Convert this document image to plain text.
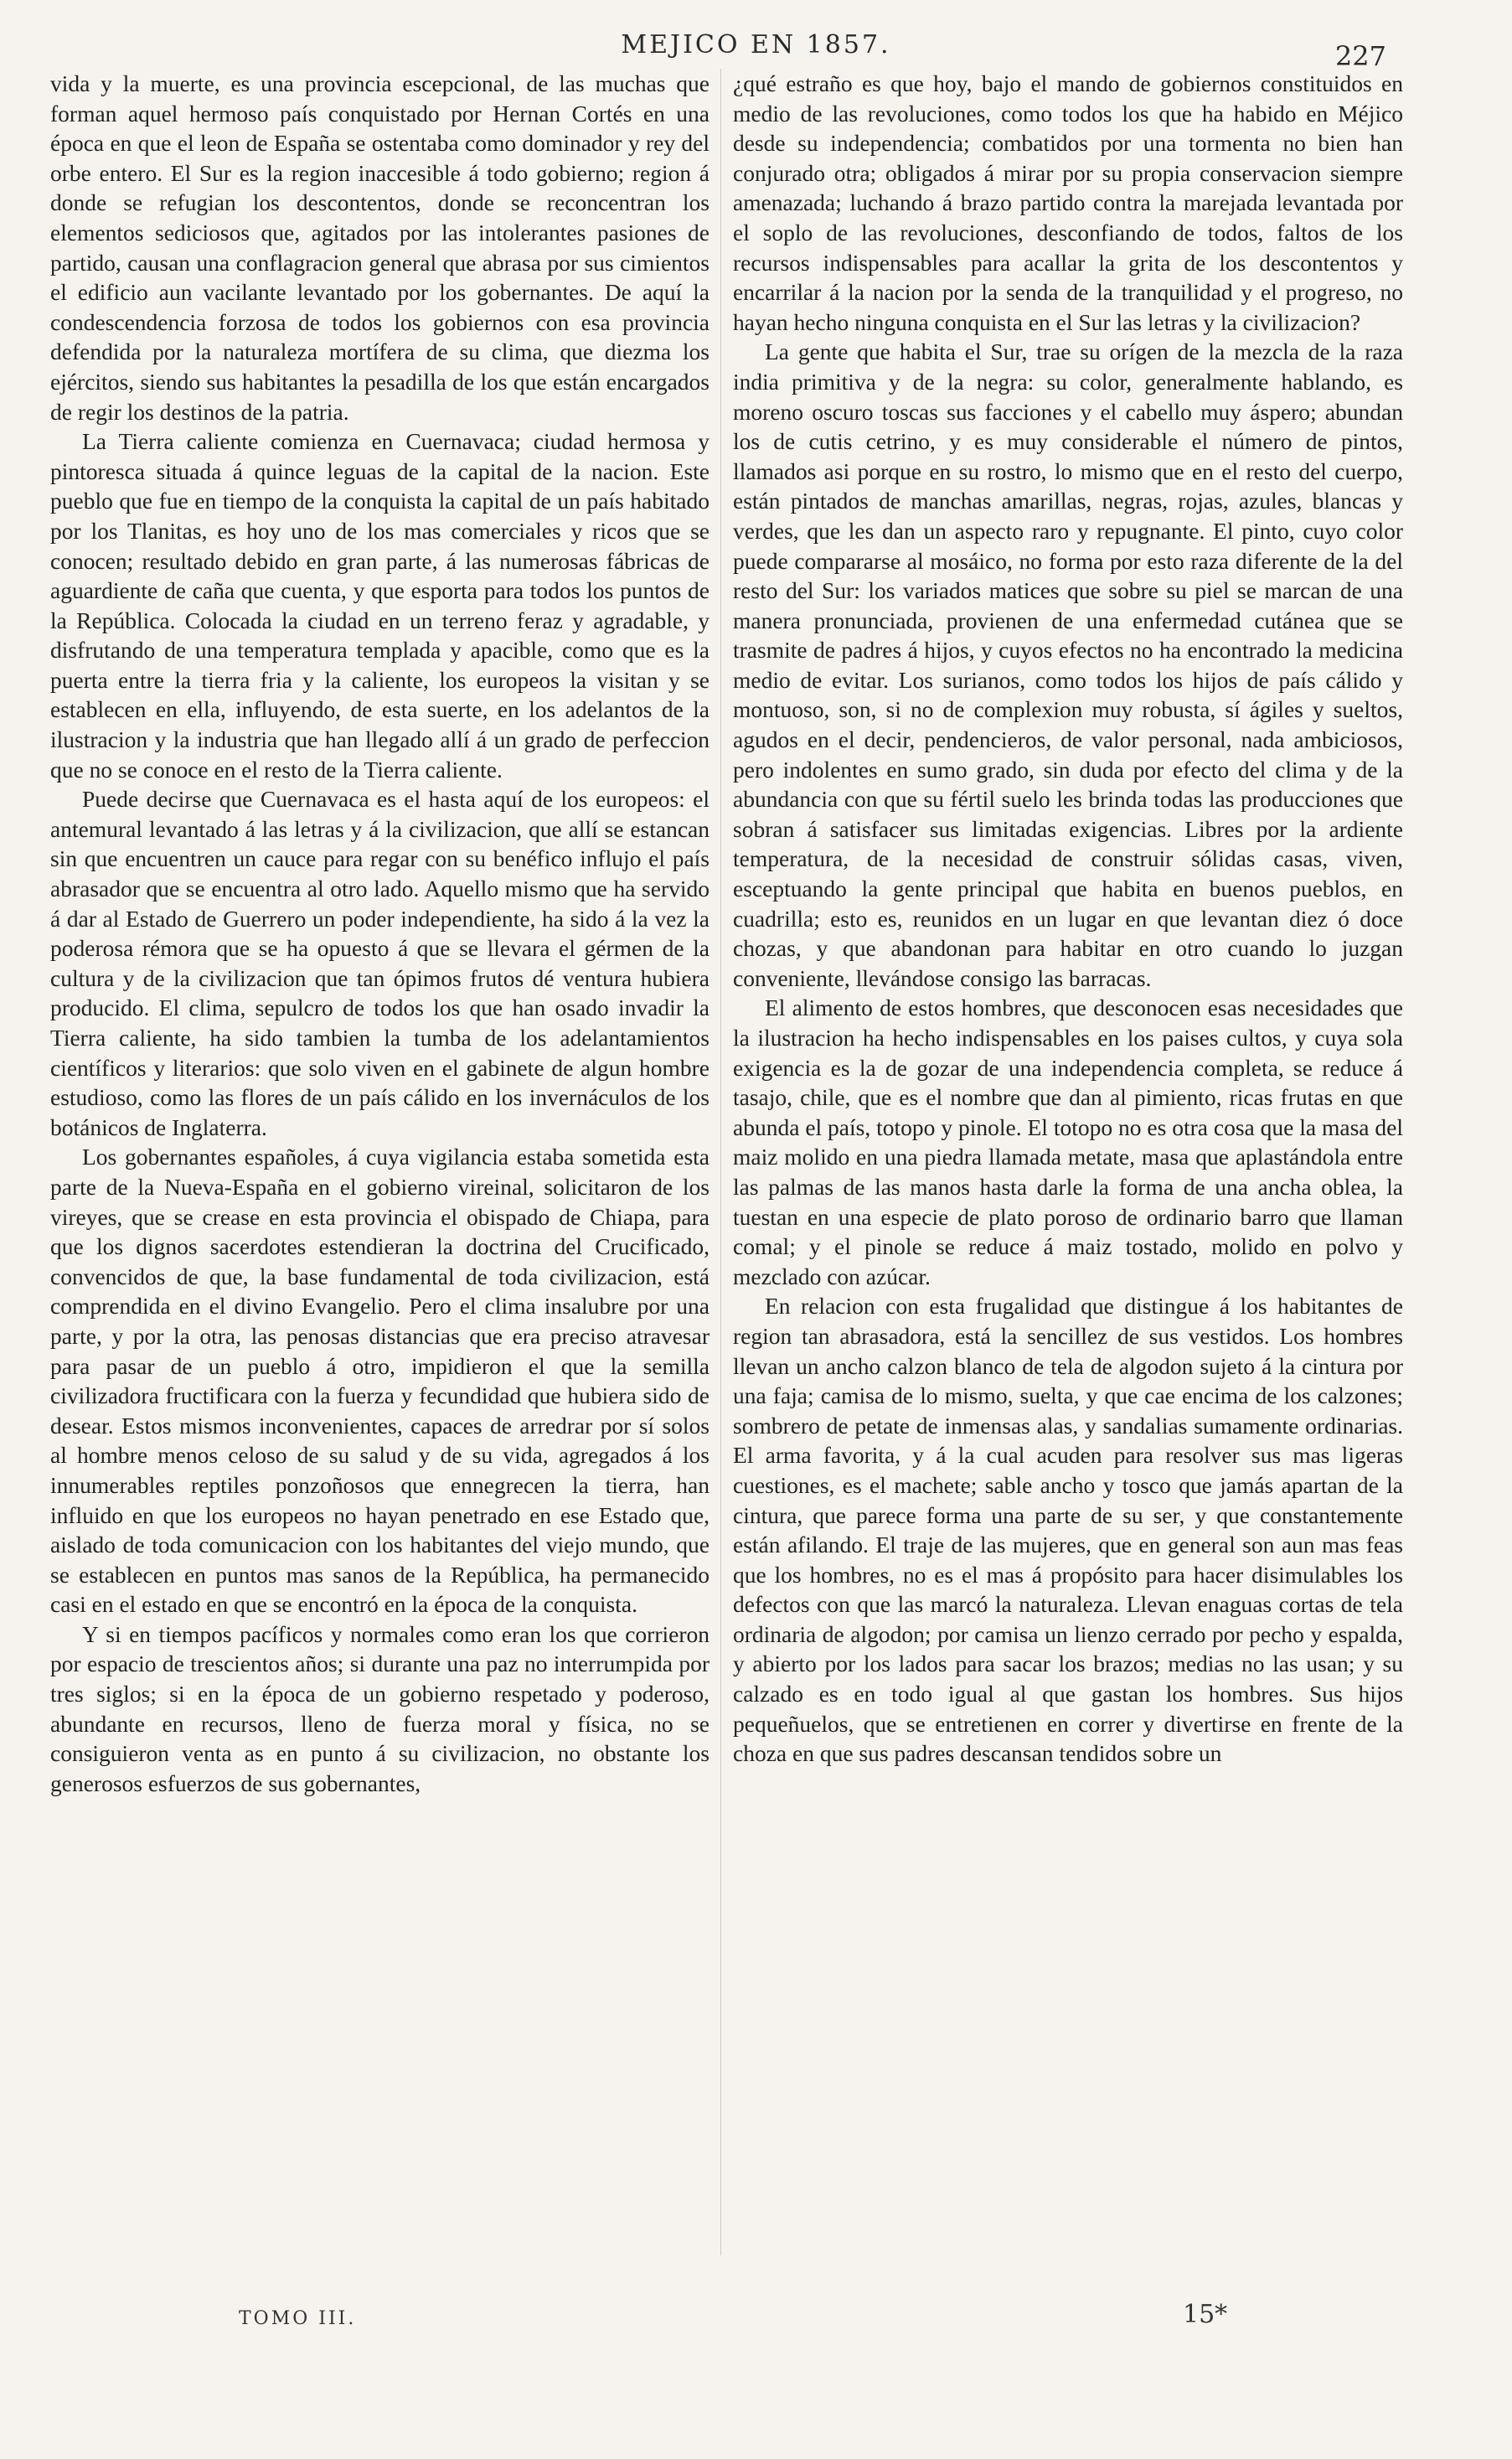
MEJICO EN 1857.	227

vida y la muerte, es una provincia escepcional, de las muchas que forman aquel hermoso país conquistado por Hernan Cortés en una época en que el leon de España se ostentaba como dominador y rey del orbe entero. El Sur es la region inaccesible á todo gobierno; region á donde se refugian los descontentos, donde se reconcentran los elementos sediciosos que, agitados por las intolerantes pasiones de partido, causan una conflagracion general que abrasa por sus cimientos el edificio aun vacilante levantado por los gobernantes. De aquí la condescendencia forzosa de todos los gobiernos con esa provincia defendida por la naturaleza mortífera de su clima, que diezma los ejércitos, siendo sus habitantes la pesadilla de los que están encargados de regir los destinos de la patria.

La Tierra caliente comienza en Cuernavaca; ciudad hermosa y pintoresca situada á quince leguas de la capital de la nacion. Este pueblo que fue en tiempo de la conquista la capital de un país habitado por los Tlanitas, es hoy uno de los mas comerciales y ricos que se conocen; resultado debido en gran parte, á las numerosas fábricas de aguardiente de caña que cuenta, y que esporta para todos los puntos de la República. Colocada la ciudad en un terreno feraz y agradable, y disfrutando de una temperatura templada y apacible, como que es la puerta entre la tierra fria y la caliente, los europeos la visitan y se establecen en ella, influyendo, de esta suerte, en los adelantos de la ilustracion y la industria que han llegado allí á un grado de perfeccion que no se conoce en el resto de la Tierra caliente.

Puede decirse que Cuernavaca es el hasta aquí de los europeos: el antemural levantado á las letras y á la civilizacion, que allí se estancan sin que encuentren un cauce para regar con su benéfico influjo el país abrasador que se encuentra al otro lado. Aquello mismo que ha servido á dar al Estado de Guerrero un poder independiente, ha sido á la vez la poderosa rémora que se ha opuesto á que se llevara el gérmen de la cultura y de la civilizacion que tan ópimos frutos dé ventura hubiera producido. El clima, sepulcro de todos los que han osado invadir la Tierra caliente, ha sido tambien la tumba de los adelantamientos científicos y literarios: que solo viven en el gabinete de algun hombre estudioso, como las flores de un país cálido en los invernáculos de los botánicos de Inglaterra.

Los gobernantes españoles, á cuya vigilancia estaba sometida esta parte de la Nueva-España en el gobierno vireinal, solicitaron de los vireyes, que se crease en esta provincia el obispado de Chiapa, para que los dignos sacerdotes estendieran la doctrina del Crucificado, convencidos de que, la base fundamental de toda civilizacion, está comprendida en el divino Evangelio. Pero el clima insalubre por una parte, y por la otra, las penosas distancias que era preciso atravesar para pasar de un pueblo á otro, impidieron el que la semilla civilizadora fructificara con la fuerza y fecundidad que hubiera sido de desear. Estos mismos inconvenientes, capaces de arredrar por sí solos al hombre menos celoso de su salud y de su vida, agregados á los innumerables reptiles ponzoñosos que ennegrecen la tierra, han influido en que los europeos no hayan penetrado en ese Estado que, aislado de toda comunicacion con los habitantes del viejo mundo, que se establecen en puntos mas sanos de la República, ha permanecido casi en el estado en que se encontró en la época de la conquista.

Y si en tiempos pacíficos y normales como eran los que corrieron por espacio de trescientos años; si durante una paz no interrumpida por tres siglos; si en la época de un gobierno respetado y poderoso, abundante en recursos, lleno de fuerza moral y física, no se consiguieron venta as en punto á su civilizacion, no obstante los generosos esfuerzos de sus gobernantes,

¿qué estraño es que hoy, bajo el mando de gobiernos constituidos en medio de las revoluciones, como todos los que ha habido en Méjico desde su independencia; combatidos por una tormenta no bien han conjurado otra; obligados á mirar por su propia conservacion siempre amenazada; luchando á brazo partido contra la marejada levantada por el soplo de las revoluciones, desconfiando de todos, faltos de los recursos indispensables para acallar la grita de los descontentos y encarrilar á la nacion por la senda de la tranquilidad y el progreso, no hayan hecho ninguna conquista en el Sur las letras y la civilizacion?

La gente que habita el Sur, trae su orígen de la mezcla de la raza india primitiva y de la negra: su color, generalmente hablando, es moreno oscuro toscas sus facciones y el cabello muy áspero; abundan los de cutis cetrino, y es muy considerable el número de pintos, llamados asi porque en su rostro, lo mismo que en el resto del cuerpo, están pintados de manchas amarillas, negras, rojas, azules, blancas y verdes, que les dan un aspecto raro y repugnante. El pinto, cuyo color puede compararse al mosáico, no forma por esto raza diferente de la del resto del Sur: los variados matices que sobre su piel se marcan de una manera pronunciada, provienen de una enfermedad cutánea que se trasmite de padres á hijos, y cuyos efectos no ha encontrado la medicina medio de evitar. Los surianos, como todos los hijos de país cálido y montuoso, son, si no de complexion muy robusta, sí ágiles y sueltos, agudos en el decir, pendencieros, de valor personal, nada ambiciosos, pero indolentes en sumo grado, sin duda por efecto del clima y de la abundancia con que su fértil suelo les brinda todas las producciones que sobran á satisfacer sus limitadas exigencias. Libres por la ardiente temperatura, de la necesidad de construir sólidas casas, viven, esceptuando la gente principal que habita en buenos pueblos, en cuadrilla; esto es, reunidos en un lugar en que levantan diez ó doce chozas, y que abandonan para habitar en otro cuando lo juzgan conveniente, llevándose consigo las barracas.

El alimento de estos hombres, que desconocen esas necesidades que la ilustracion ha hecho indispensables en los paises cultos, y cuya sola exigencia es la de gozar de una independencia completa, se reduce á tasajo, chile, que es el nombre que dan al pimiento, ricas frutas en que abunda el país, totopo y pinole. El totopo no es otra cosa que la masa del maiz molido en una piedra llamada metate, masa que aplastándola entre las palmas de las manos hasta darle la forma de una ancha oblea, la tuestan en una especie de plato poroso de ordinario barro que llaman comal; y el pinole se reduce á maiz tostado, molido en polvo y mezclado con azúcar.

En relacion con esta frugalidad que distingue á los habitantes de region tan abrasadora, está la sencillez de sus vestidos. Los hombres llevan un ancho calzon blanco de tela de algodon sujeto á la cintura por una faja; camisa de lo mismo, suelta, y que cae encima de los calzones; sombrero de petate de inmensas alas, y sandalias sumamente ordinarias. El arma favorita, y á la cual acuden para resolver sus mas ligeras cuestiones, es el machete; sable ancho y tosco que jamás apartan de la cintura, que parece forma una parte de su ser, y que constantemente están afilando. El traje de las mujeres, que en general son aun mas feas que los hombres, no es el mas á propósito para hacer disimulables los defectos con que las marcó la naturaleza. Llevan enaguas cortas de tela ordinaria de algodon; por camisa un lienzo cerrado por pecho y espalda, y abierto por los lados para sacar los brazos; medias no las usan; y su calzado es en todo igual al que gastan los hombres. Sus hijos pequeñuelos, que se entretienen en correr y divertirse en frente de la choza en que sus padres descansan tendidos sobre un

TOMO III.	15*
